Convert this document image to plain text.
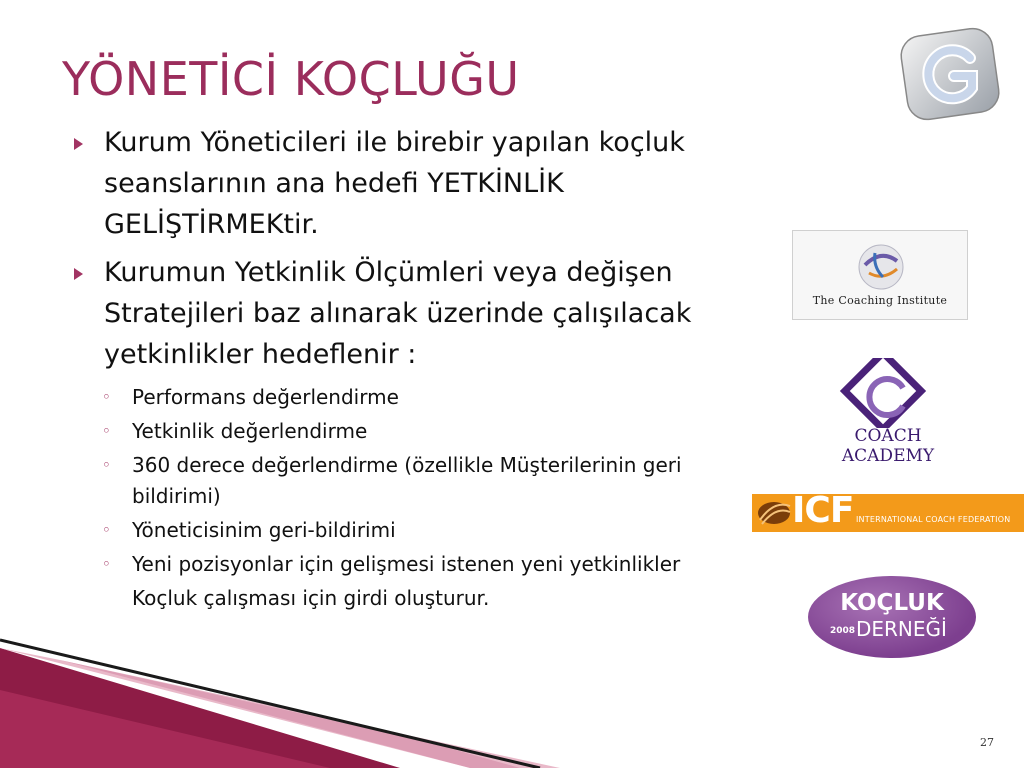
YÖNETİCİ KOÇLUĞU
Kurum Yöneticileri ile birebir yapılan koçluk seanslarının ana hedefi YETKİNLİK GELİŞTİRMEKtir.
Kurumun Yetkinlik Ölçümleri veya değişen Stratejileri baz alınarak üzerinde çalışılacak yetkinlikler hedeflenir :
◦ Performans değerlendirme
◦ Yetkinlik değerlendirme
◦ 360 derece değerlendirme (özellikle Müşterilerinin geri bildirimi)
◦ Yöneticisinim geri-bildirimi
◦ Yeni pozisyonlar için gelişmesi istenen yeni yetkinlikler
Koçluk çalışması için girdi oluşturur.
The Coaching Institute
COACH ACADEMY
ICF INTERNATIONAL COACH FEDERATION
KOÇLUK
2008 DERNEĞİ
27
